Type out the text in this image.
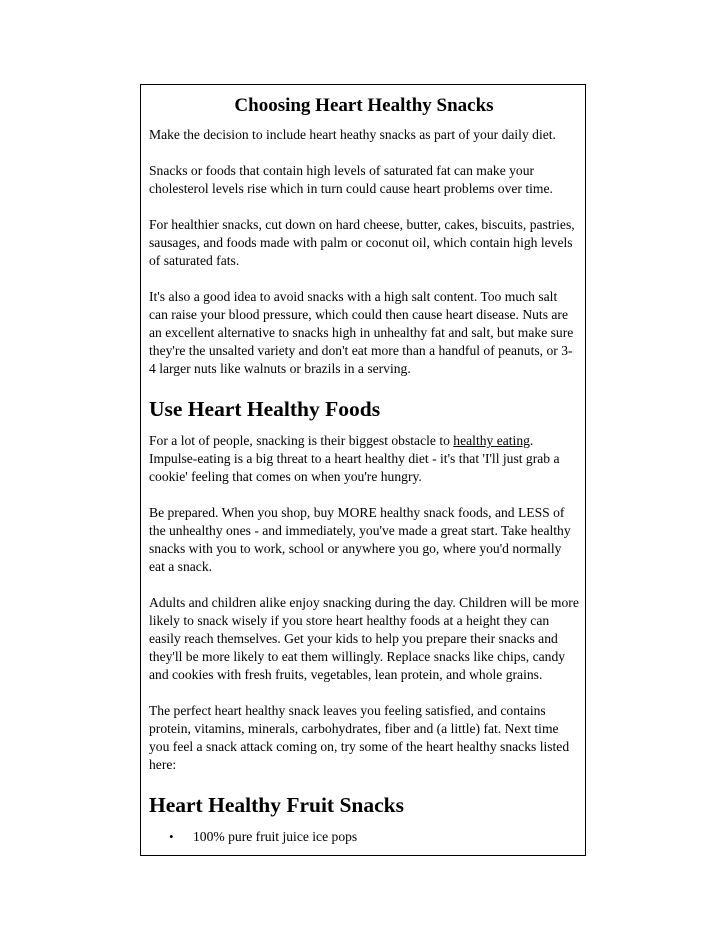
Choosing Heart Healthy Snacks

Make the decision to include heart heathy snacks as part of your daily diet.

Snacks or foods that contain high levels of saturated fat can make your cholesterol levels rise which in turn could cause heart problems over time.

For healthier snacks, cut down on hard cheese, butter, cakes, biscuits, pastries, sausages, and foods made with palm or coconut oil, which contain high levels of saturated fats.

It's also a good idea to avoid snacks with a high salt content. Too much salt can raise your blood pressure, which could then cause heart disease. Nuts are an excellent alternative to snacks high in unhealthy fat and salt, but make sure they're the unsalted variety and don't eat more than a handful of peanuts, or 3-4 larger nuts like walnuts or brazils in a serving.

Use Heart Healthy Foods

For a lot of people, snacking is their biggest obstacle to healthy eating. Impulse-eating is a big threat to a heart healthy diet - it's that 'I'll just grab a cookie' feeling that comes on when you're hungry.

Be prepared. When you shop, buy MORE healthy snack foods, and LESS of the unhealthy ones - and immediately, you've made a great start. Take healthy snacks with you to work, school or anywhere you go, where you'd normally eat a snack.

Adults and children alike enjoy snacking during the day. Children will be more likely to snack wisely if you store heart healthy foods at a height they can easily reach themselves. Get your kids to help you prepare their snacks and they'll be more likely to eat them willingly. Replace snacks like chips, candy and cookies with fresh fruits, vegetables, lean protein, and whole grains.

The perfect heart healthy snack leaves you feeling satisfied, and contains protein, vitamins, minerals, carbohydrates, fiber and (a little) fat. Next time you feel a snack attack coming on, try some of the heart healthy snacks listed here:

Heart Healthy Fruit Snacks
• 100% pure fruit juice ice pops
